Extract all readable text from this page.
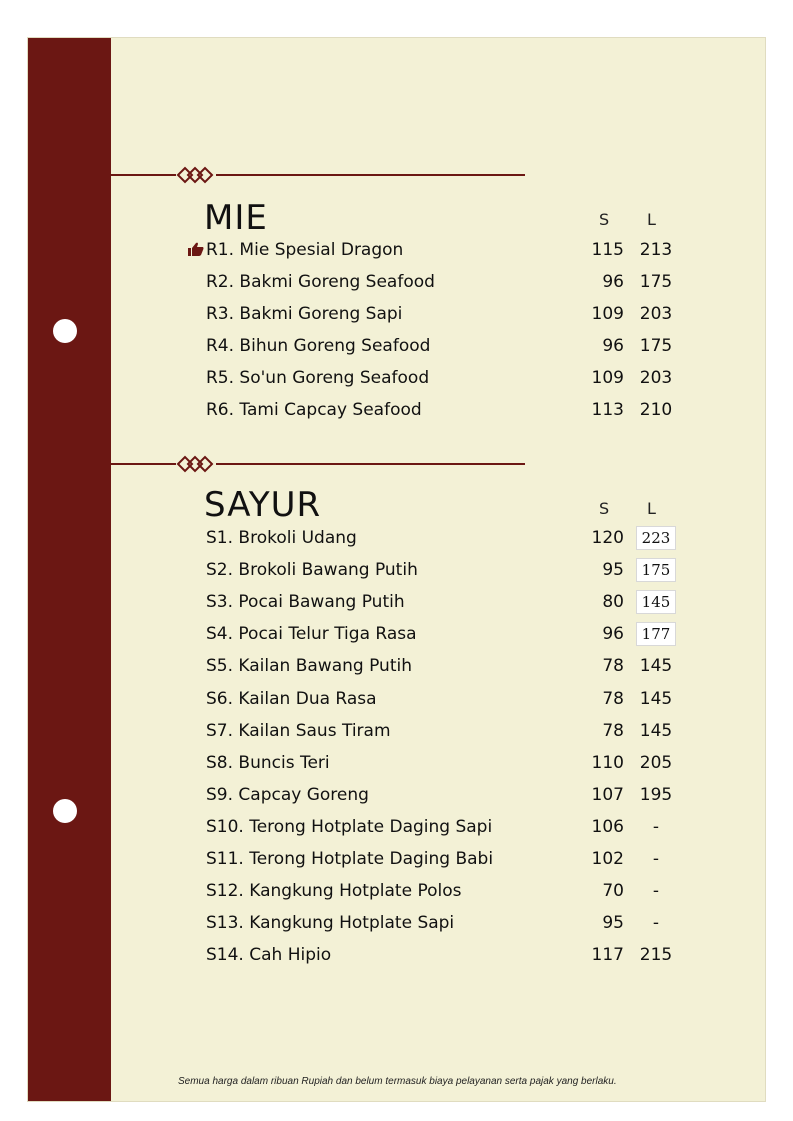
MIE	S L
R1. Mie Spesial Dragon	115 213
R2. Bakmi Goreng Seafood	96 175
R3. Bakmi Goreng Sapi	109 203
R4. Bihun Goreng Seafood	96 175
R5. So'un Goreng Seafood	109 203
R6. Tami Capcay Seafood	113 210
SAYUR	S L
S1. Brokoli Udang	120	223
S2. Brokoli Bawang Putih	95	175
S3. Pocai Bawang Putih	80	145
S4. Pocai Telur Tiga Rasa	96	177
S5. Kailan Bawang Putih	78 145
S6. Kailan Dua Rasa	78 145
S7. Kailan Saus Tiram	78 145
S8. Buncis Teri	110 205
S9. Capcay Goreng	107 195
S10. Terong Hotplate Daging Sapi	106	-
S11. Terong Hotplate Daging Babi	102	-
S12. Kangkung Hotplate Polos	70	-
S13. Kangkung Hotplate Sapi	95	-
S14. Cah Hipio	117 215
Semua harga dalam ribuan Rupiah dan belum termasuk biaya pelayanan serta pajak yang berlaku.
